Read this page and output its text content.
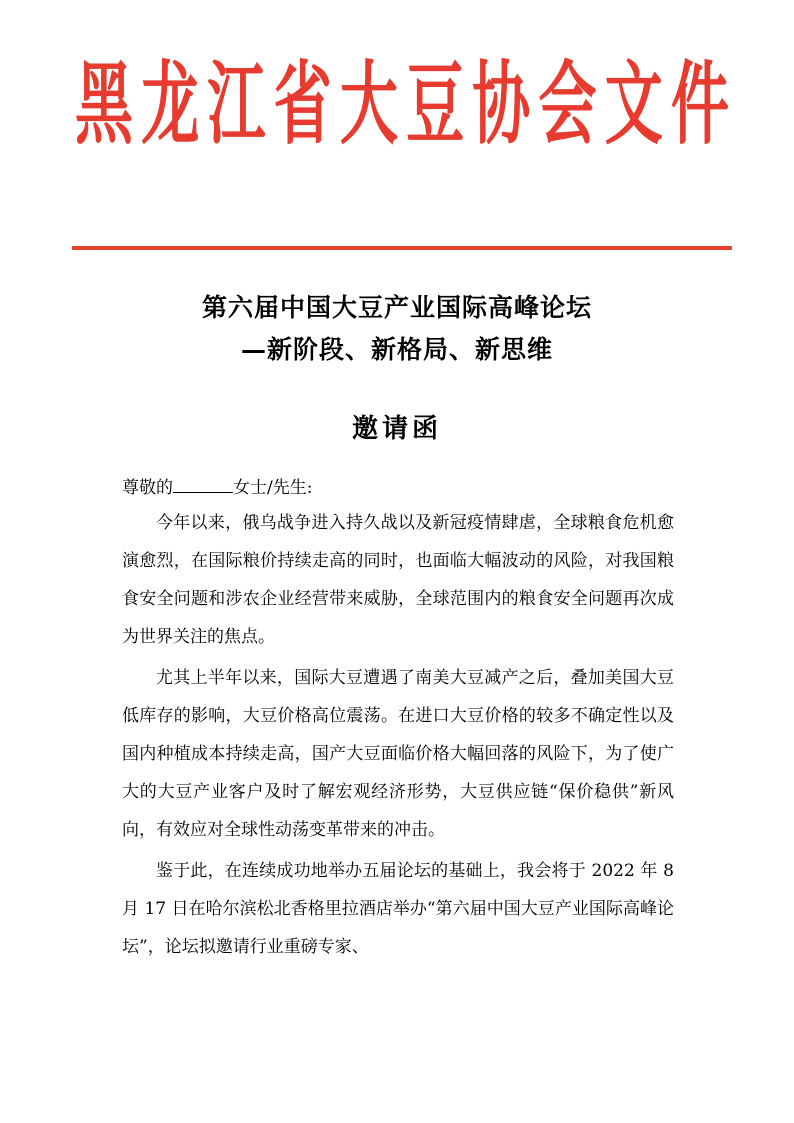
黑 龙 江 省 大 豆 协 会 文 件
第六届中国大豆产业国际高峰论坛
—新阶段、新格局、新思维
邀请函
尊敬的	女士/先生:

今年以来，俄乌战争进入持久战以及新冠疫情肆虐，全球粮食危机愈演愈烈，在国际粮价持续走高的同时，也面临大幅波动的风险，对我国粮食安全问题和涉农企业经营带来威胁，全球范围内的粮食安全问题再次成为世界关注的焦点。

尤其上半年以来，国际大豆遭遇了南美大豆减产之后，叠加美国大豆低库存的影响，大豆价格高位震荡。在进口大豆价格的较多不确定性以及国内种植成本持续走高，国产大豆面临价格大幅回落的风险下，为了使广大的大豆产业客户及时了解宏观经济形势，大豆供应链“保价稳供”新风向，有效应对全球性动荡变革带来的冲击。

鉴于此，在连续成功地举办五届论坛的基础上，我会将于 2022 年 8 月 17 日在哈尔滨松北香格里拉酒店举办“第六届中国大豆产业国际高峰论坛”，论坛拟邀请行业重磅专家、
